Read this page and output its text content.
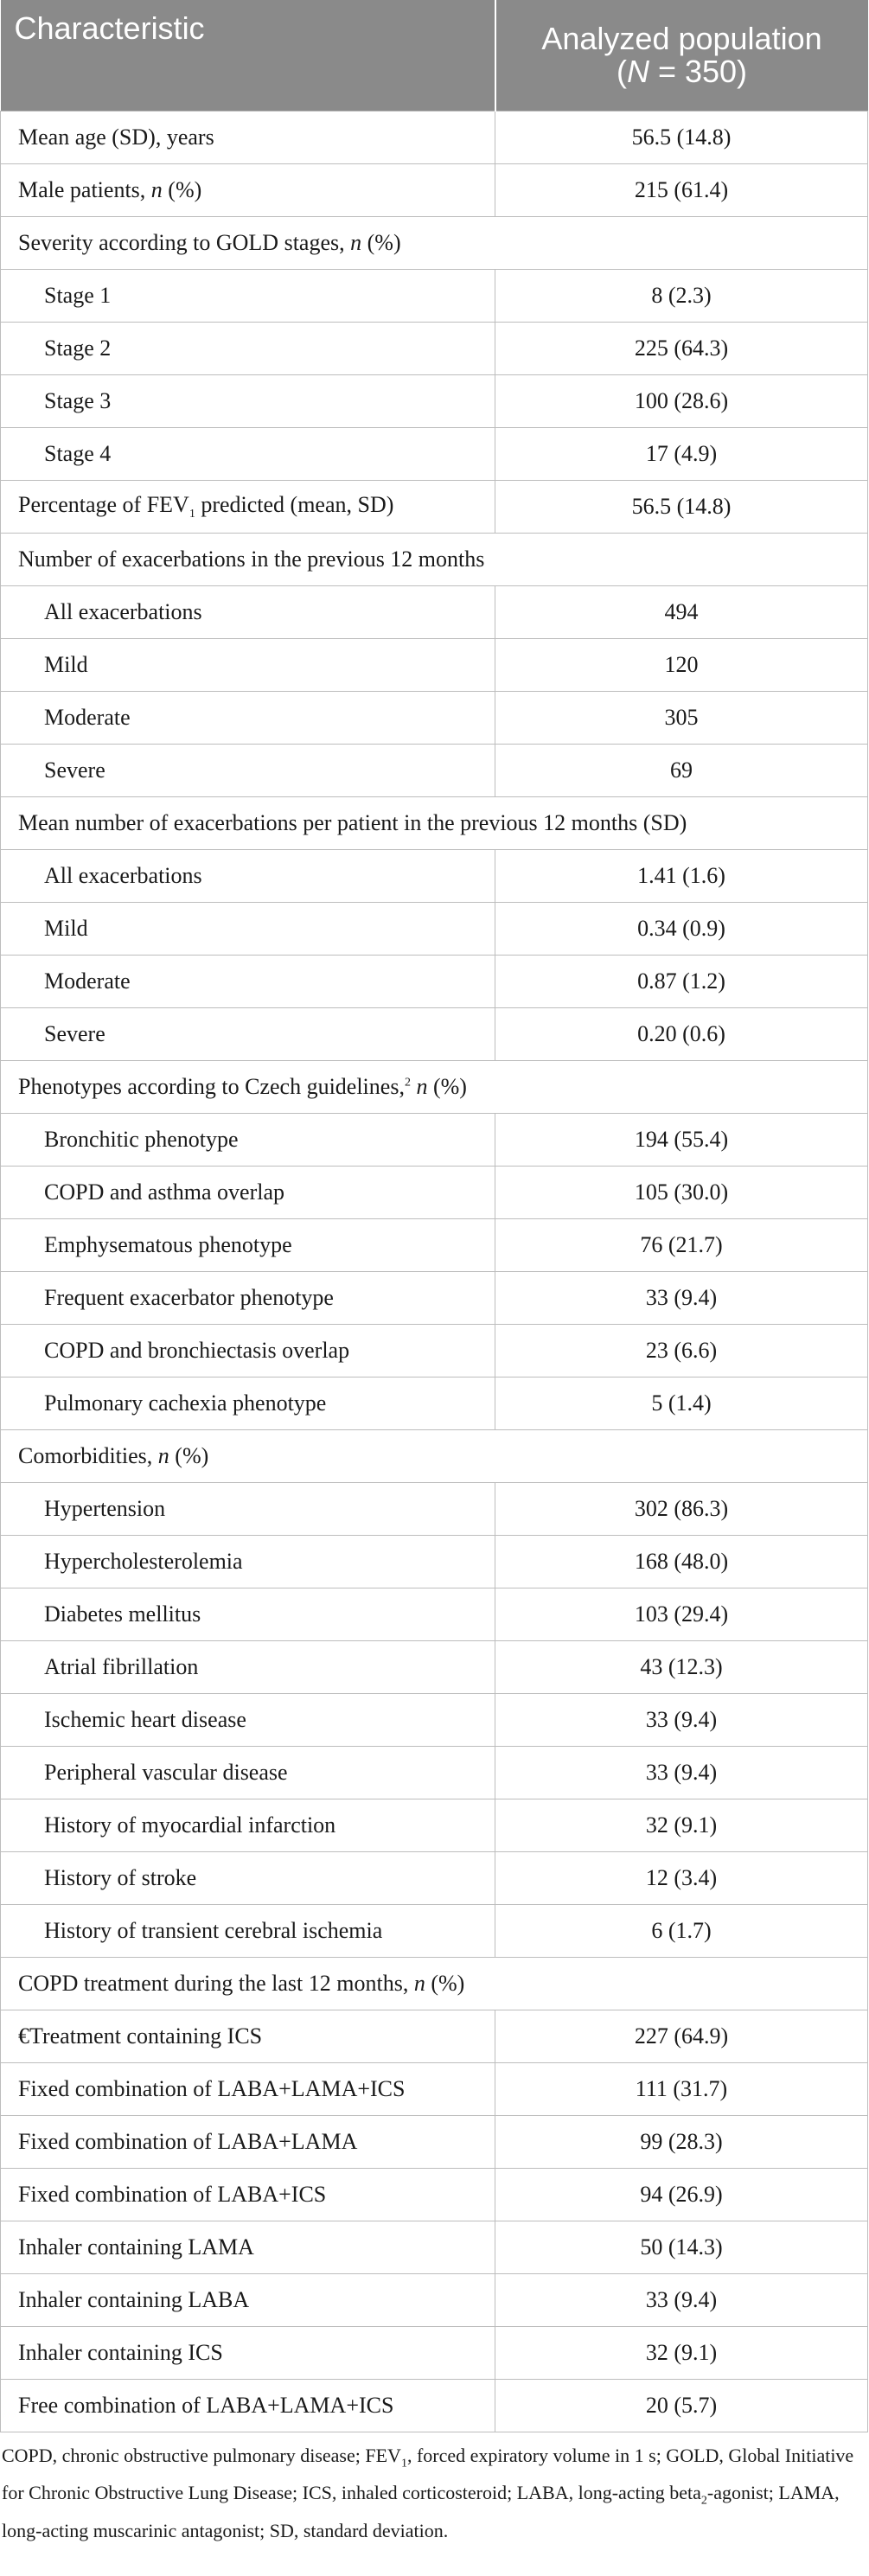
Characteristic	Analyzed population
(N = 350)
Mean age (SD), years	56.5 (14.8)
Male patients, n (%)	215 (61.4)
Severity according to GOLD stages, n (%)	
Stage 1	8 (2.3)
Stage 2	225 (64.3)
Stage 3	100 (28.6)
Stage 4	17 (4.9)
Percentage of $FEV_1$ predicted (mean, SD)	56.5 (14.8)
Number of exacerbations in the previous 12 months	
All exacerbations	494
Mild	120
Moderate	305
Severe	69
Mean number of exacerbations per patient in the previous 12 months (SD)	
All exacerbations	1.41 (1.6)
Mild	0.34 (0.9)
Moderate	0.87 (1.2)
Severe	0.20 (0.6)
Phenotypes according to Czech guidelines,$^2$ n (%)	
Bronchitic phenotype	194 (55.4)
COPD and asthma overlap	105 (30.0)
Emphysematous phenotype	76 (21.7)
Frequent exacerbator phenotype	33 (9.4)
COPD and bronchiectasis overlap	23 (6.6)
Pulmonary cachexia phenotype	5 (1.4)
Comorbidities, n (%)	
Hypertension	302 (86.3)
Hypercholesterolemia	168 (48.0)
Diabetes mellitus	103 (29.4)
Atrial fibrillation	43 (12.3)
Ischemic heart disease	33 (9.4)
Peripheral vascular disease	33 (9.4)
History of myocardial infarction	32 (9.1)
History of stroke	12 (3.4)
History of transient cerebral ischemia	6 (1.7)
COPD treatment during the last 12 months, n (%)	
€Treatment containing ICS	227 (64.9)
Fixed combination of LABA+LAMA+ICS	111 (31.7)
Fixed combination of LABA+LAMA	99 (28.3)
Fixed combination of LABA+ICS	94 (26.9)
Inhaler containing LAMA	50 (14.3)
Inhaler containing LABA	33 (9.4)
Inhaler containing ICS	32 (9.1)
Free combination of LABA+LAMA+ICS	20 (5.7)
COPD, chronic obstructive pulmonary disease; $FEV_1$, forced expiratory volume in 1 s; GOLD, Global Initiative for Chronic Obstructive Lung Disease; ICS, inhaled corticosteroid; LABA, long-acting beta$_2$-agonist; LAMA, long-acting muscarinic antagonist; SD, standard deviation.
